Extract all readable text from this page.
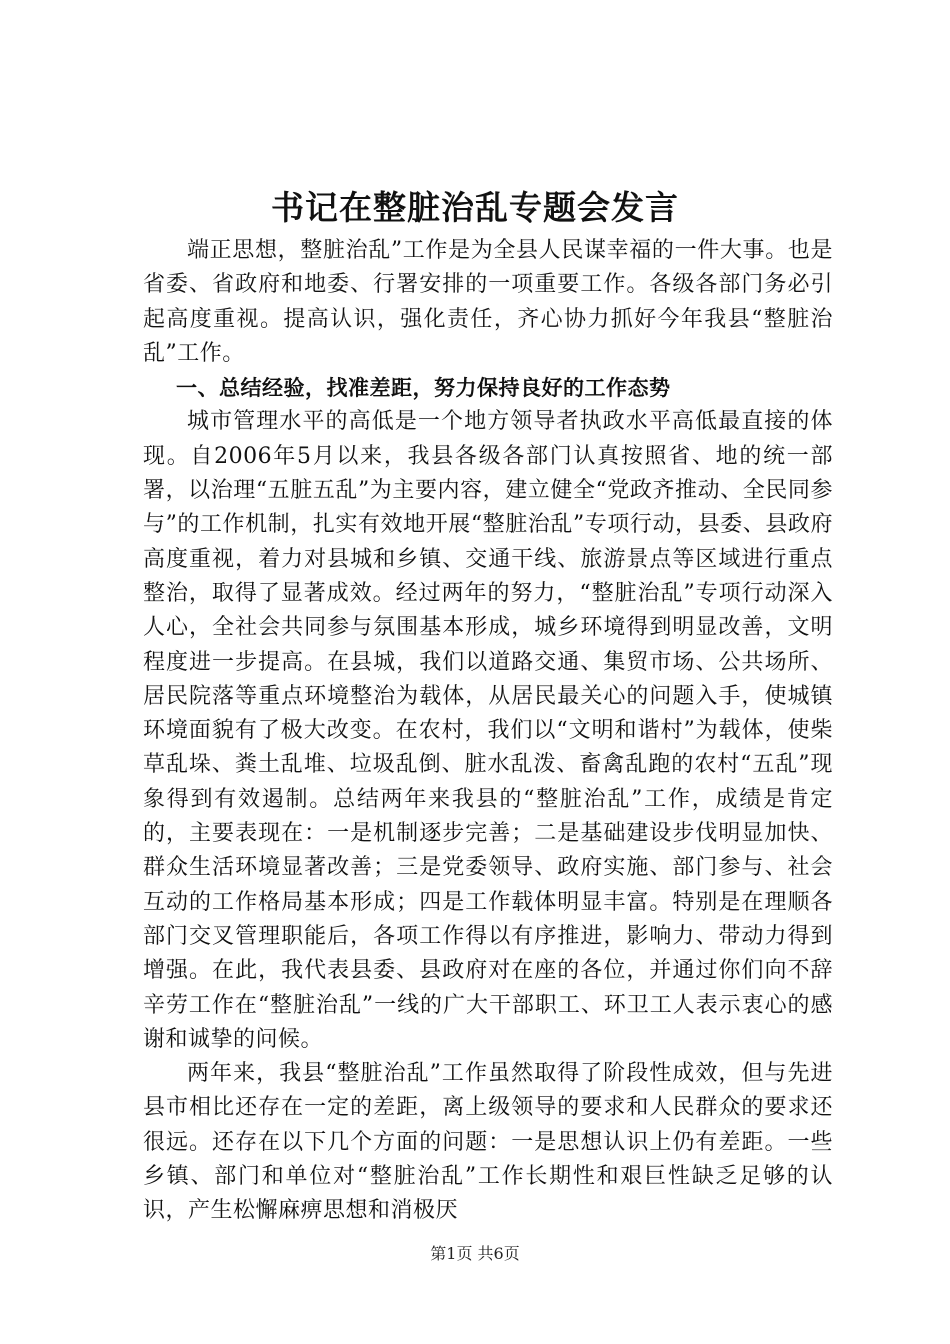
书记在整脏治乱专题会发言

端正思想，整脏治乱”工作是为全县人民谋幸福的一件大事。也是省委、省政府和地委、行署安排的一项重要工作。各级各部门务必引起高度重视。提高认识，强化责任，齐心协力抓好今年我县“整脏治乱”工作。

一、总结经验，找准差距，努力保持良好的工作态势

城市管理水平的高低是一个地方领导者执政水平高低最直接的体现。自2006年5月以来，我县各级各部门认真按照省、地的统一部署，以治理“五脏五乱”为主要内容，建立健全“党政齐推动、全民同参与”的工作机制，扎实有效地开展“整脏治乱”专项行动，县委、县政府高度重视，着力对县城和乡镇、交通干线、旅游景点等区域进行重点整治，取得了显著成效。经过两年的努力，“整脏治乱”专项行动深入人心，全社会共同参与氛围基本形成，城乡环境得到明显改善，文明程度进一步提高。在县城，我们以道路交通、集贸市场、公共场所、居民院落等重点环境整治为载体，从居民最关心的问题入手，使城镇环境面貌有了极大改变。在农村，我们以“文明和谐村”为载体，使柴草乱垛、粪土乱堆、垃圾乱倒、脏水乱泼、畜禽乱跑的农村“五乱”现象得到有效遏制。总结两年来我县的“整脏治乱”工作，成绩是肯定的，主要表现在：一是机制逐步完善；二是基础建设步伐明显加快、群众生活环境显著改善；三是党委领导、政府实施、部门参与、社会互动的工作格局基本形成；四是工作载体明显丰富。特别是在理顺各部门交叉管理职能后，各项工作得以有序推进，影响力、带动力得到增强。在此，我代表县委、县政府对在座的各位，并通过你们向不辞辛劳工作在“整脏治乱”一线的广大干部职工、环卫工人表示衷心的感谢和诚挚的问候。

两年来，我县“整脏治乱”工作虽然取得了阶段性成效，但与先进县市相比还存在一定的差距，离上级领导的要求和人民群众的要求还很远。还存在以下几个方面的问题：一是思想认识上仍有差距。一些乡镇、部门和单位对“整脏治乱”工作长期性和艰巨性缺乏足够的认识，产生松懈麻痹思想和消极厌

第1页 共6页
